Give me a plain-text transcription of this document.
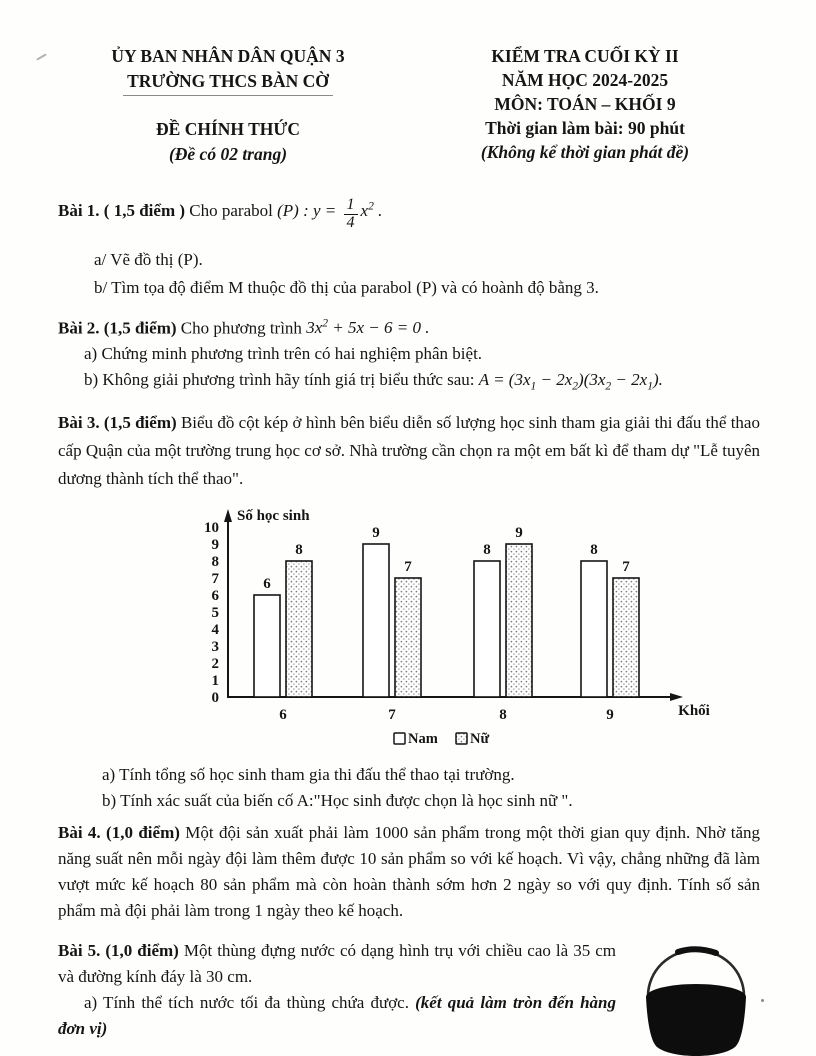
ỦY BAN NHÂN DÂN QUẬN 3
TRƯỜNG THCS BÀN CỜ
ĐỀ CHÍNH THỨC
(Đề có 02 trang)
KIỂM TRA CUỐI KỲ II
NĂM HỌC 2024-2025
MÔN: TOÁN – KHỐI 9
Thời gian làm bài: 90 phút
(Không kể thời gian phát đề)

Bài 1. ( 1,5 điểm ) Cho parabol (P) : $y = \frac{1}{4} x^2$ .

a/ Vẽ đồ thị (P).

b/ Tìm tọa độ điểm M thuộc đồ thị của parabol (P) và có hoành độ bằng 3.

Bài 2. (1,5 điểm) Cho phương trình $3x^2 + 5x - 6 = 0$ .

a) Chứng minh phương trình trên có hai nghiệm phân biệt.

b) Không giải phương trình hãy tính giá trị biểu thức sau: $A = (3x_1 - 2x_2)(3x_2 - 2x_1)$.

Bài 3. (1,5 điểm) Biểu đồ cột kép ở hình bên biểu diễn số lượng học sinh tham gia giải thi đấu thể thao cấp Quận của một trường trung học cơ sở. Nhà trường cần chọn ra một em bất kì để tham dự "Lễ tuyên dương thành tích thể thao".

0
1
2
3
4
5
6
7
8
9
10
Số học sinh
Khối
6
8
6
9
7
7
8
9
8
8
7
9
Nam Nữ

a) Tính tổng số học sinh tham gia thi đấu thể thao tại trường.

b) Tính xác suất của biến cố A:"Học sinh được chọn là học sinh nữ ".

Bài 4. (1,0 điểm) Một đội sản xuất phải làm 1000 sản phẩm trong một thời gian quy định. Nhờ tăng năng suất nên mỗi ngày đội làm thêm được 10 sản phẩm so với kế hoạch. Vì vậy, chẳng những đã làm vượt mức kế hoạch 80 sản phẩm mà còn hoàn thành sớm hơn 2 ngày so với quy định. Tính số sản phẩm mà đội phải làm trong 1 ngày theo kế hoạch.

Bài 5. (1,0 điểm) Một thùng đựng nước có dạng hình trụ với chiều cao là 35 cm và đường kính đáy là 30 cm.

a) Tính thể tích nước tối đa thùng chứa được. (kết quả làm tròn đến hàng đơn vị)
